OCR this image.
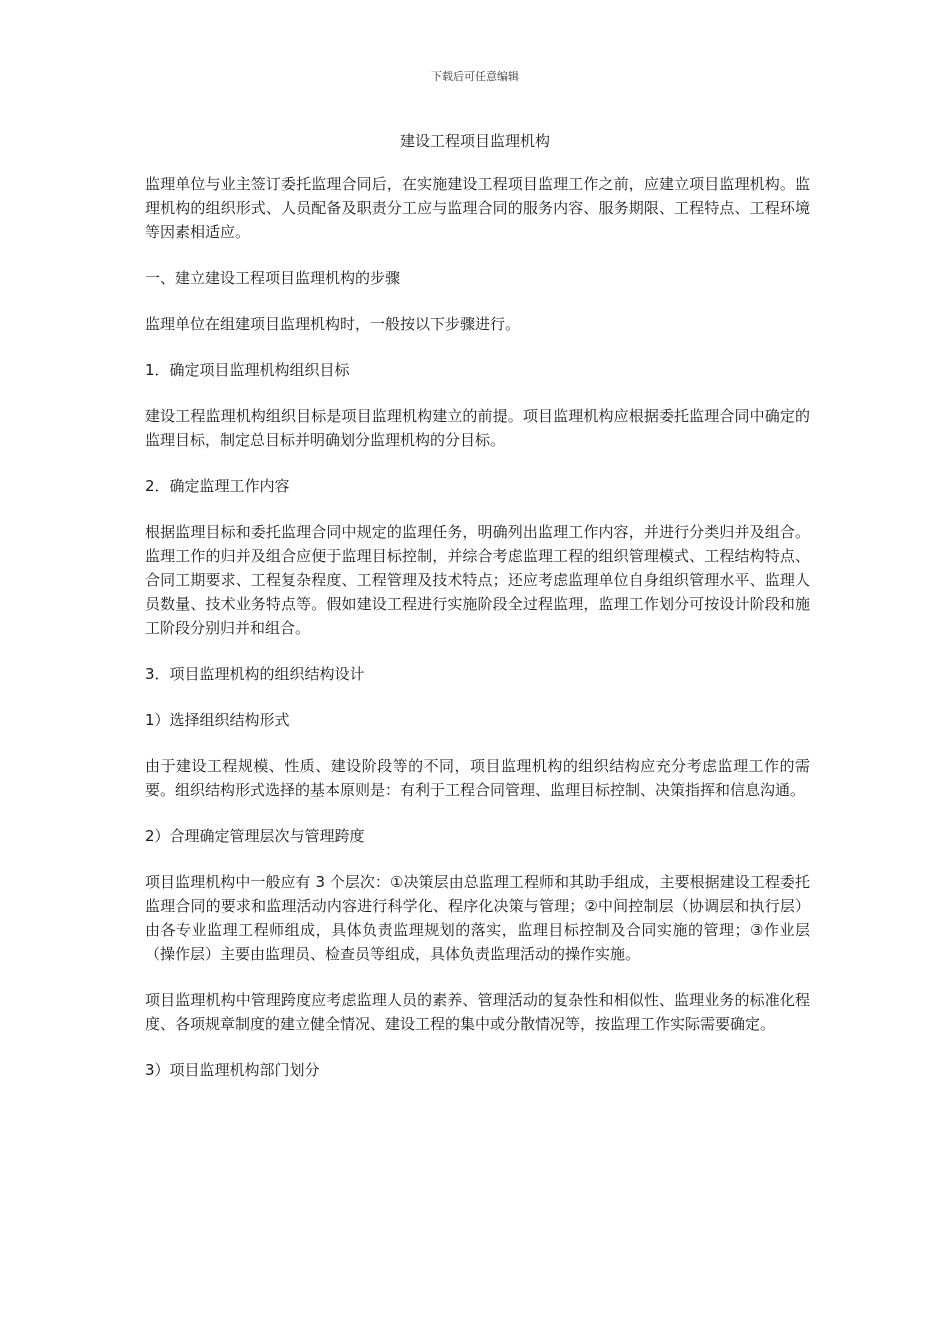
下载后可任意编辑
建设工程项目监理机构

监理单位与业主签订委托监理合同后，在实施建设工程项目监理工作之前，应建立项目监理机构。监理机构的组织形式、人员配备及职责分工应与监理合同的服务内容、服务期限、工程特点、工程环境等因素相适应。

一、建立建设工程项目监理机构的步骤

监理单位在组建项目监理机构时，一般按以下步骤进行。

1．确定项目监理机构组织目标

建设工程监理机构组织目标是项目监理机构建立的前提。项目监理机构应根据委托监理合同中确定的监理目标，制定总目标并明确划分监理机构的分目标。

2．确定监理工作内容

根据监理目标和委托监理合同中规定的监理任务，明确列出监理工作内容，并进行分类归并及组合。监理工作的归并及组合应便于监理目标控制，并综合考虑监理工程的组织管理模式、工程结构特点、合同工期要求、工程复杂程度、工程管理及技术特点；还应考虑监理单位自身组织管理水平、监理人员数量、技术业务特点等。假如建设工程进行实施阶段全过程监理，监理工作划分可按设计阶段和施工阶段分别归并和组合。

3．项目监理机构的组织结构设计

1）选择组织结构形式

由于建设工程规模、性质、建设阶段等的不同，项目监理机构的组织结构应充分考虑监理工作的需要。组织结构形式选择的基本原则是：有利于工程合同管理、监理目标控制、决策指挥和信息沟通。

2）合理确定管理层次与管理跨度

项目监理机构中一般应有 3 个层次：①决策层由总监理工程师和其助手组成，主要根据建设工程委托监理合同的要求和监理活动内容进行科学化、程序化决策与管理；②中间控制层（协调层和执行层）由各专业监理工程师组成，具体负责监理规划的落实，监理目标控制及合同实施的管理；③作业层（操作层）主要由监理员、检查员等组成，具体负责监理活动的操作实施。

项目监理机构中管理跨度应考虑监理人员的素养、管理活动的复杂性和相似性、监理业务的标准化程度、各项规章制度的建立健全情况、建设工程的集中或分散情况等，按监理工作实际需要确定。

3）项目监理机构部门划分
